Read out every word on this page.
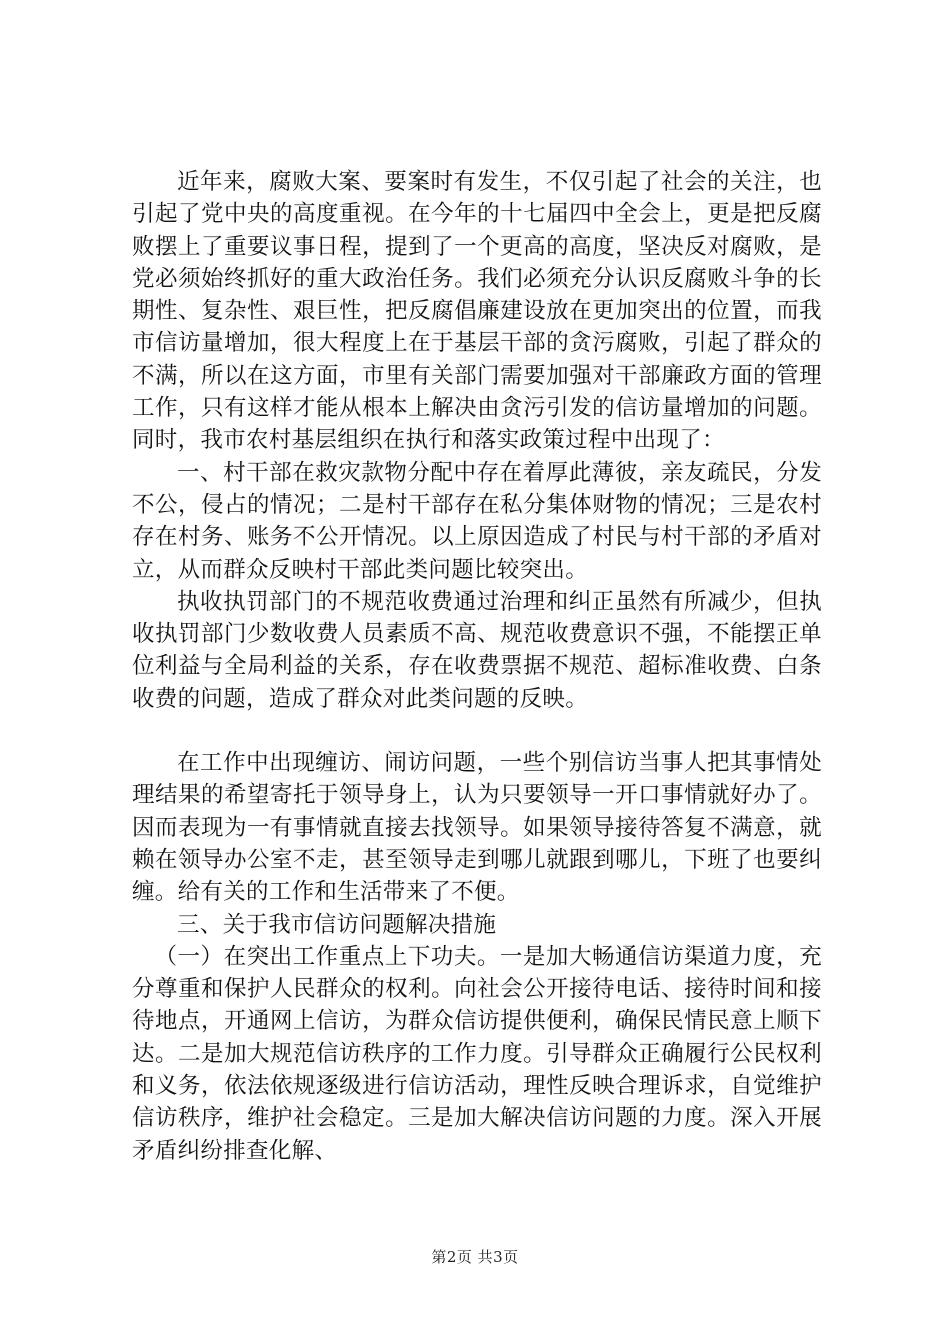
近年来，腐败大案、要案时有发生，不仅引起了社会的关注，也引起了党中央的高度重视。在今年的十七届四中全会上，更是把反腐败摆上了重要议事日程，提到了一个更高的高度，坚决反对腐败，是党必须始终抓好的重大政治任务。我们必须充分认识反腐败斗争的长期性、复杂性、艰巨性，把反腐倡廉建设放在更加突出的位置，而我市信访量增加，很大程度上在于基层干部的贪污腐败，引起了群众的不满，所以在这方面，市里有关部门需要加强对干部廉政方面的管理工作，只有这样才能从根本上解决由贪污引发的信访量增加的问题。同时，我市农村基层组织在执行和落实政策过程中出现了：

一、村干部在救灾款物分配中存在着厚此薄彼，亲友疏民，分发不公，侵占的情况；二是村干部存在私分集体财物的情况；三是农村存在村务、账务不公开情况。以上原因造成了村民与村干部的矛盾对立，从而群众反映村干部此类问题比较突出。

执收执罚部门的不规范收费通过治理和纠正虽然有所减少，但执收执罚部门少数收费人员素质不高、规范收费意识不强，不能摆正单位利益与全局利益的关系，存在收费票据不规范、超标准收费、白条收费的问题，造成了群众对此类问题的反映。

在工作中出现缠访、闹访问题，一些个别信访当事人把其事情处理结果的希望寄托于领导身上，认为只要领导一开口事情就好办了。因而表现为一有事情就直接去找领导。如果领导接待答复不满意，就赖在领导办公室不走，甚至领导走到哪儿就跟到哪儿，下班了也要纠缠。给有关的工作和生活带来了不便。

三、关于我市信访问题解决措施

（一）在突出工作重点上下功夫。一是加大畅通信访渠道力度，充分尊重和保护人民群众的权利。向社会公开接待电话、接待时间和接待地点，开通网上信访，为群众信访提供便利，确保民情民意上顺下达。二是加大规范信访秩序的工作力度。引导群众正确履行公民权利和义务，依法依规逐级进行信访活动，理性反映合理诉求，自觉维护信访秩序，维护社会稳定。三是加大解决信访问题的力度。深入开展矛盾纠纷排查化解、

第2页 共3页
